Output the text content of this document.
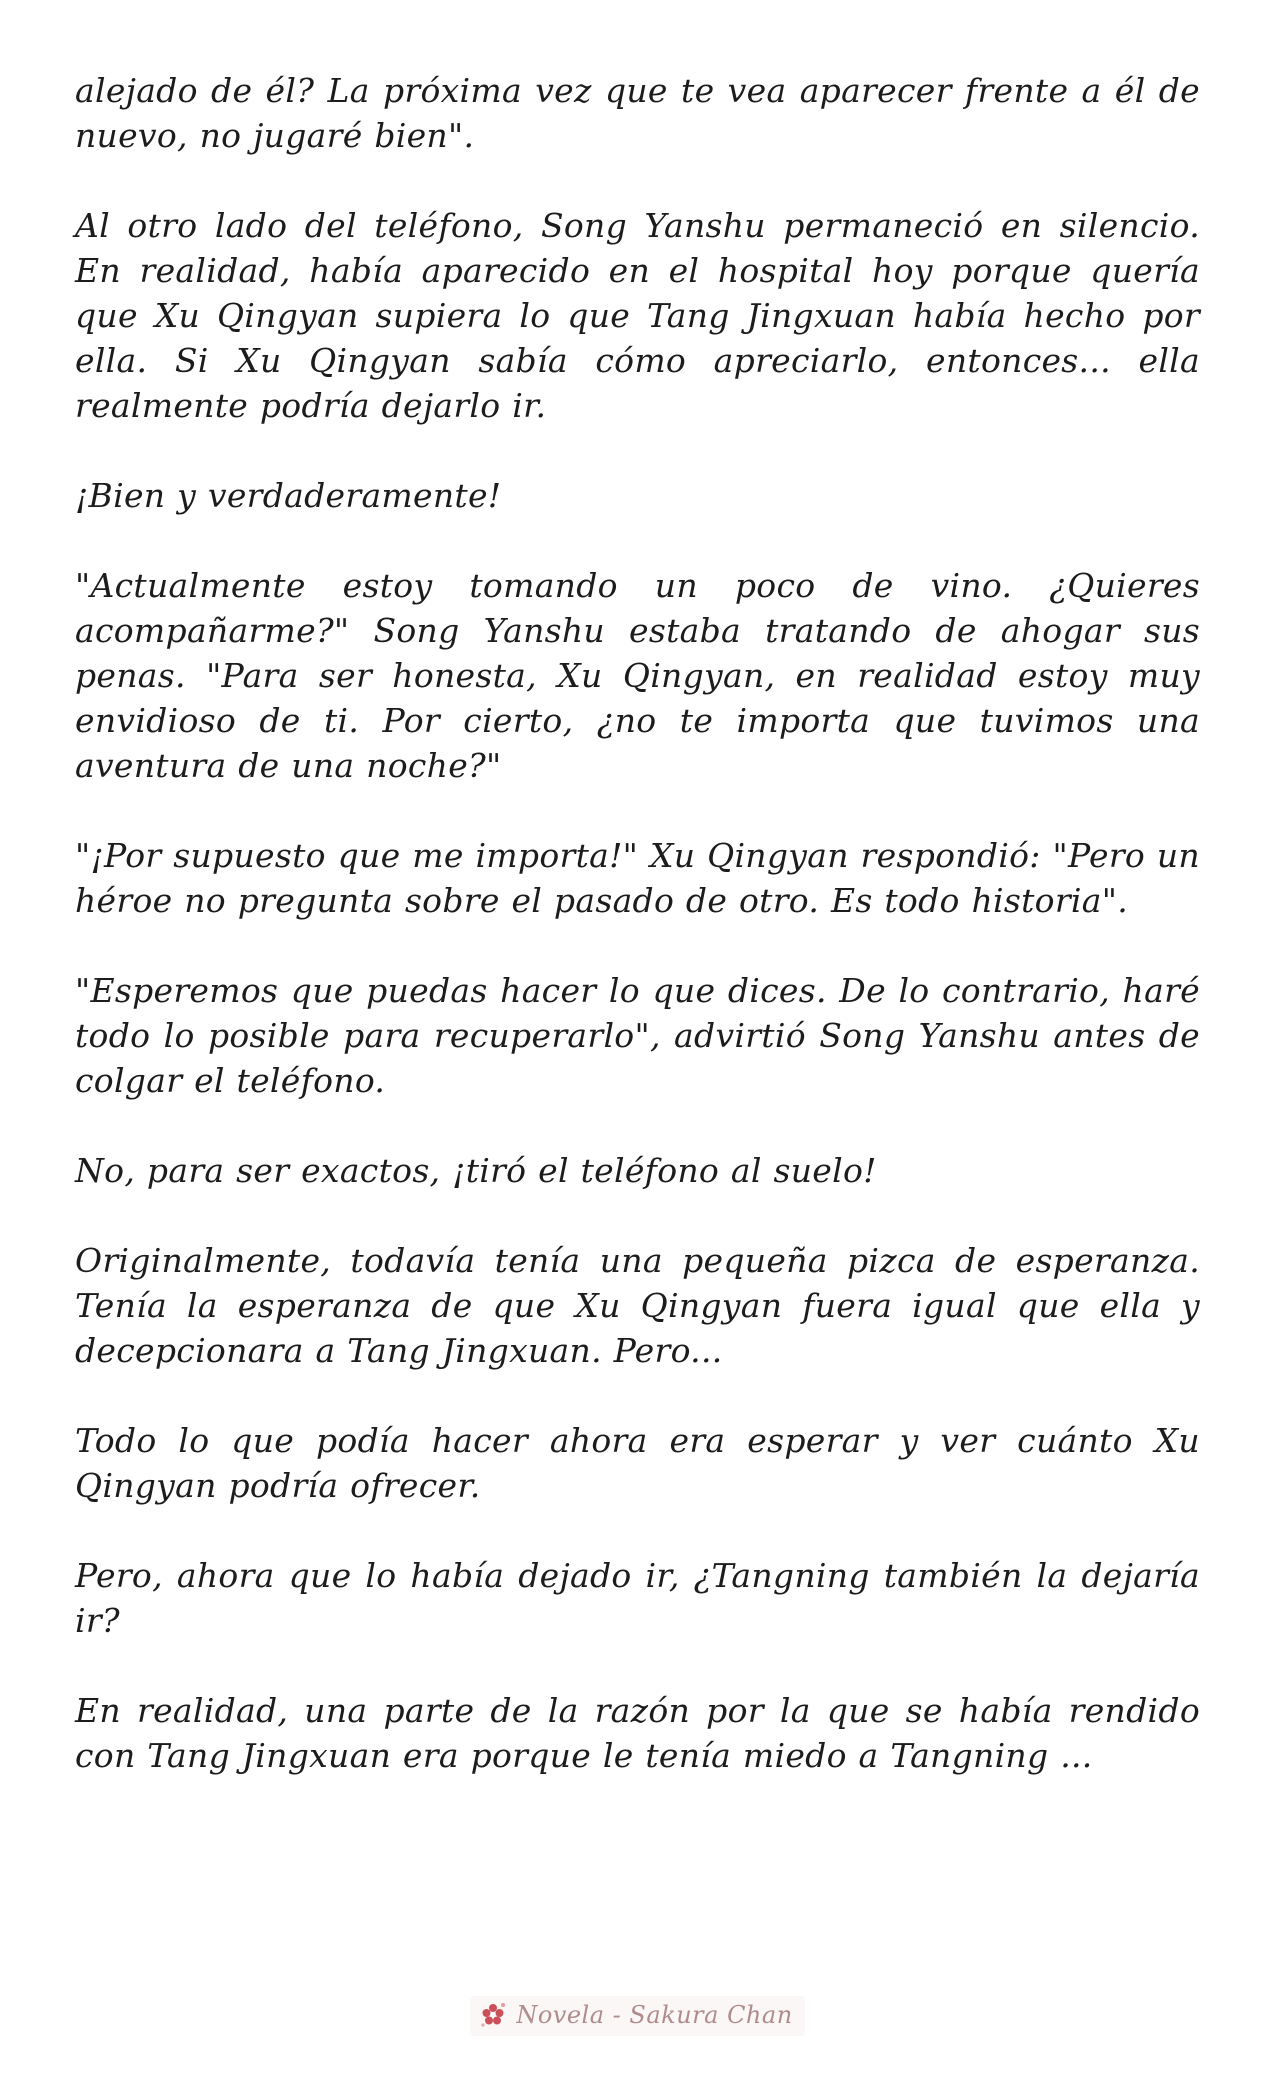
alejado de él? La próxima vez que te vea aparecer frente a él de nuevo, no jugaré bien".

Al otro lado del teléfono, Song Yanshu permaneció en silencio. En realidad, había aparecido en el hospital hoy porque quería que Xu Qingyan supiera lo que Tang Jingxuan había hecho por ella. Si Xu Qingyan sabía cómo apreciarlo, entonces... ella realmente podría dejarlo ir.

¡Bien y verdaderamente!

"Actualmente estoy tomando un poco de vino. ¿Quieres acompañarme?" Song Yanshu estaba tratando de ahogar sus penas. "Para ser honesta, Xu Qingyan, en realidad estoy muy envidioso de ti. Por cierto, ¿no te importa que tuvimos una aventura de una noche?"

"¡Por supuesto que me importa!" Xu Qingyan respondió: "Pero un héroe no pregunta sobre el pasado de otro. Es todo historia".

"Esperemos que puedas hacer lo que dices. De lo contrario, haré todo lo posible para recuperarlo", advirtió Song Yanshu antes de colgar el teléfono.

No, para ser exactos, ¡tiró el teléfono al suelo!

Originalmente, todavía tenía una pequeña pizca de esperanza. Tenía la esperanza de que Xu Qingyan fuera igual que ella y decepcionara a Tang Jingxuan. Pero...

Todo lo que podía hacer ahora era esperar y ver cuánto Xu Qingyan podría ofrecer.

Pero, ahora que lo había dejado ir, ¿Tangning también la dejaría ir?

En realidad, una parte de la razón por la que se había rendido con Tang Jingxuan era porque le tenía miedo a Tangning ...

Novela - Sakura Chan
